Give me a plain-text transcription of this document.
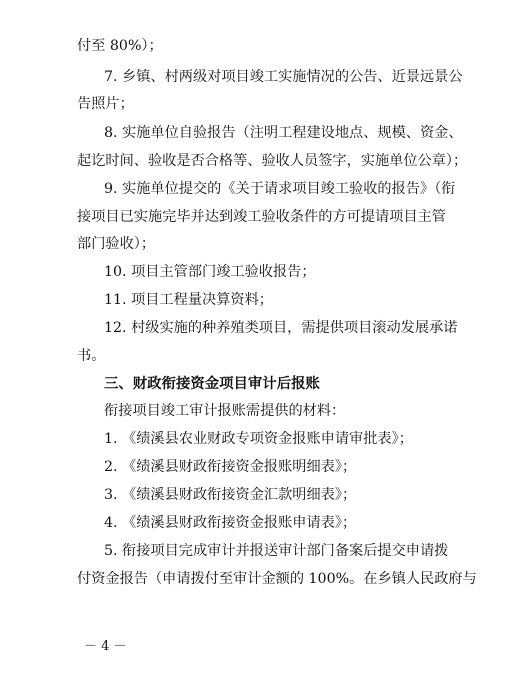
付至 80%）；
7. 乡镇、村两级对项目竣工实施情况的公告、近景远景公
告照片；
8. 实施单位自验报告（注明工程建设地点、规模、资金、
起讫时间、验收是否合格等、验收人员签字，实施单位公章）；
9. 实施单位提交的《关于请求项目竣工验收的报告》（衔
接项目已实施完毕并达到竣工验收条件的方可提请项目主管
部门验收）；
10. 项目主管部门竣工验收报告；
11. 项目工程量决算资料；
12. 村级实施的种养殖类项目，需提供项目滚动发展承诺
书。
三、财政衔接资金项目审计后报账
衔接项目竣工审计报账需提供的材料：
1. 《绩溪县农业财政专项资金报账申请审批表》；
2. 《绩溪县财政衔接资金报账明细表》；
3. 《绩溪县财政衔接资金汇款明细表》；
4. 《绩溪县财政衔接资金报账申请表》；
5. 衔接项目完成审计并报送审计部门备案后提交申请拨
付资金报告（申请拨付至审计金额的 100%。在乡镇人民政府与
－ 4 －
